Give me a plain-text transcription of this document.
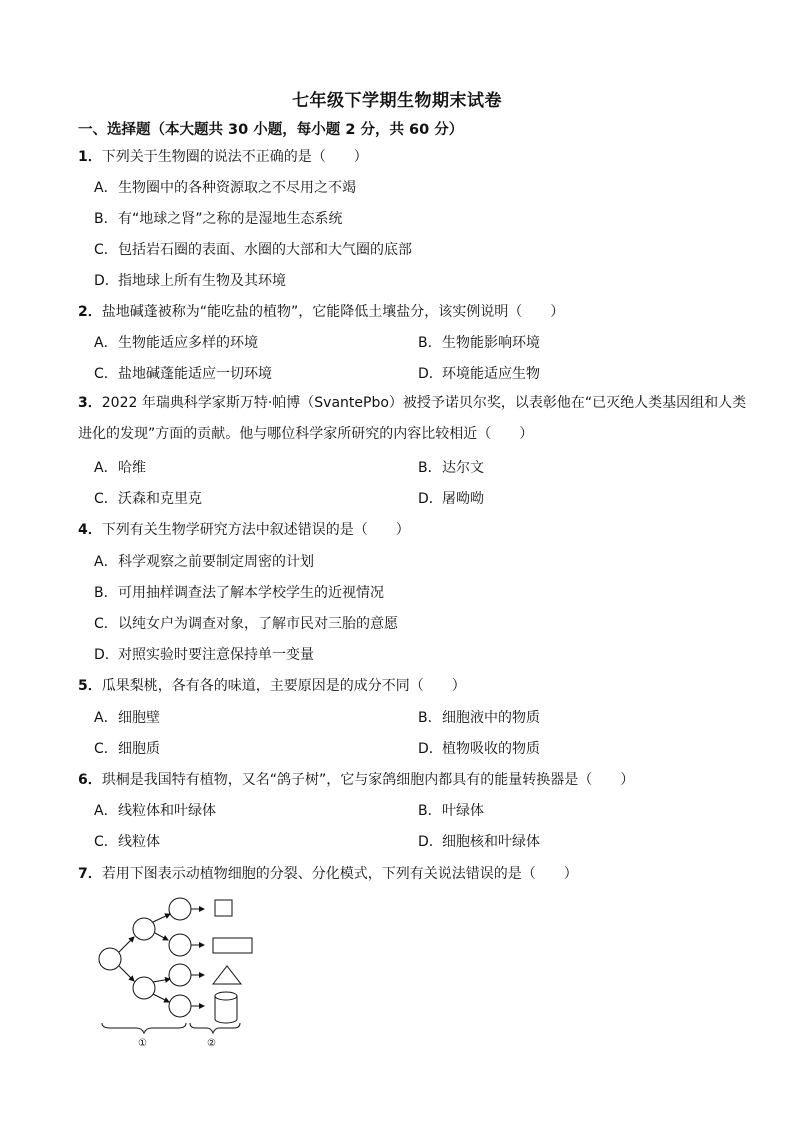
七年级下学期生物期末试卷
一、选择题（本大题共 30 小题，每小题 2 分，共 60 分）
1．下列关于生物圈的说法不正确的是（　　）
A．生物圈中的各种资源取之不尽用之不竭
B．有“地球之肾”之称的是湿地生态系统
C．包括岩石圈的表面、水圈的大部和大气圈的底部
D．指地球上所有生物及其环境
2．盐地碱蓬被称为“能吃盐的植物”，它能降低土壤盐分，该实例说明（　　）
A．生物能适应多样的环境	B．生物能影响环境
C．盐地碱蓬能适应一切环境	D．环境能适应生物
3．2022 年瑞典科学家斯万特·帕博（SvantePbo）被授予诺贝尔奖，以表彰他在“已灭绝人类基因组和人类进化的发现”方面的贡献。他与哪位科学家所研究的内容比较相近（　　）
A．哈维	B．达尔文
C．沃森和克里克	D．屠呦呦
4．下列有关生物学研究方法中叙述错误的是（　　）
A．科学观察之前要制定周密的计划
B．可用抽样调查法了解本学校学生的近视情况
C．以纯女户为调查对象，了解市民对三胎的意愿
D．对照实验时要注意保持单一变量
5．瓜果梨桃，各有各的味道，主要原因是的成分不同（　　）
A．细胞壁	B．细胞液中的物质
C．细胞质	D．植物吸收的物质
6．珙桐是我国特有植物，又名“鸽子树”，它与家鸽细胞内都具有的能量转换器是（　　）
A．线粒体和叶绿体	B．叶绿体
C．线粒体	D．细胞核和叶绿体
7．若用下图表示动植物细胞的分裂、分化模式，下列有关说法错误的是（　　）
①	②
